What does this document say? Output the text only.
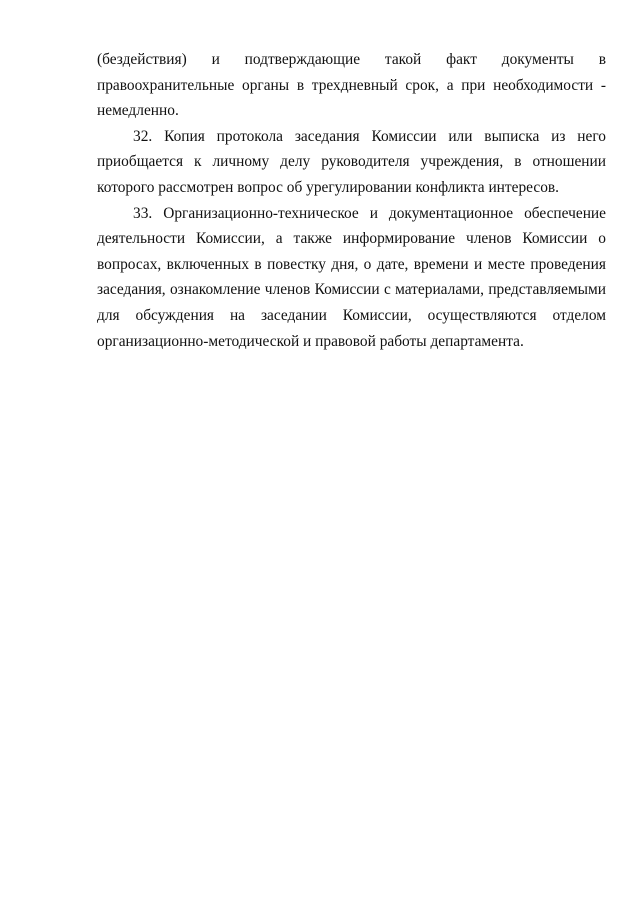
(бездействия) и подтверждающие такой факт документы в
правоохранительные органы в трехдневный срок, а при необходимости -
немедленно.

32. Копия протокола заседания Комиссии или выписка из него
приобщается к личному делу руководителя учреждения, в отношении
которого рассмотрен вопрос об урегулировании конфликта интересов.

33. Организационно-техническое и документационное обеспечение
деятельности Комиссии, а также информирование членов Комиссии о
вопросах, включенных в повестку дня, о дате, времени и месте проведения
заседания, ознакомление членов Комиссии с материалами, представляемыми
для обсуждения на заседании Комиссии, осуществляются отделом
организационно-методической и правовой работы департамента.
